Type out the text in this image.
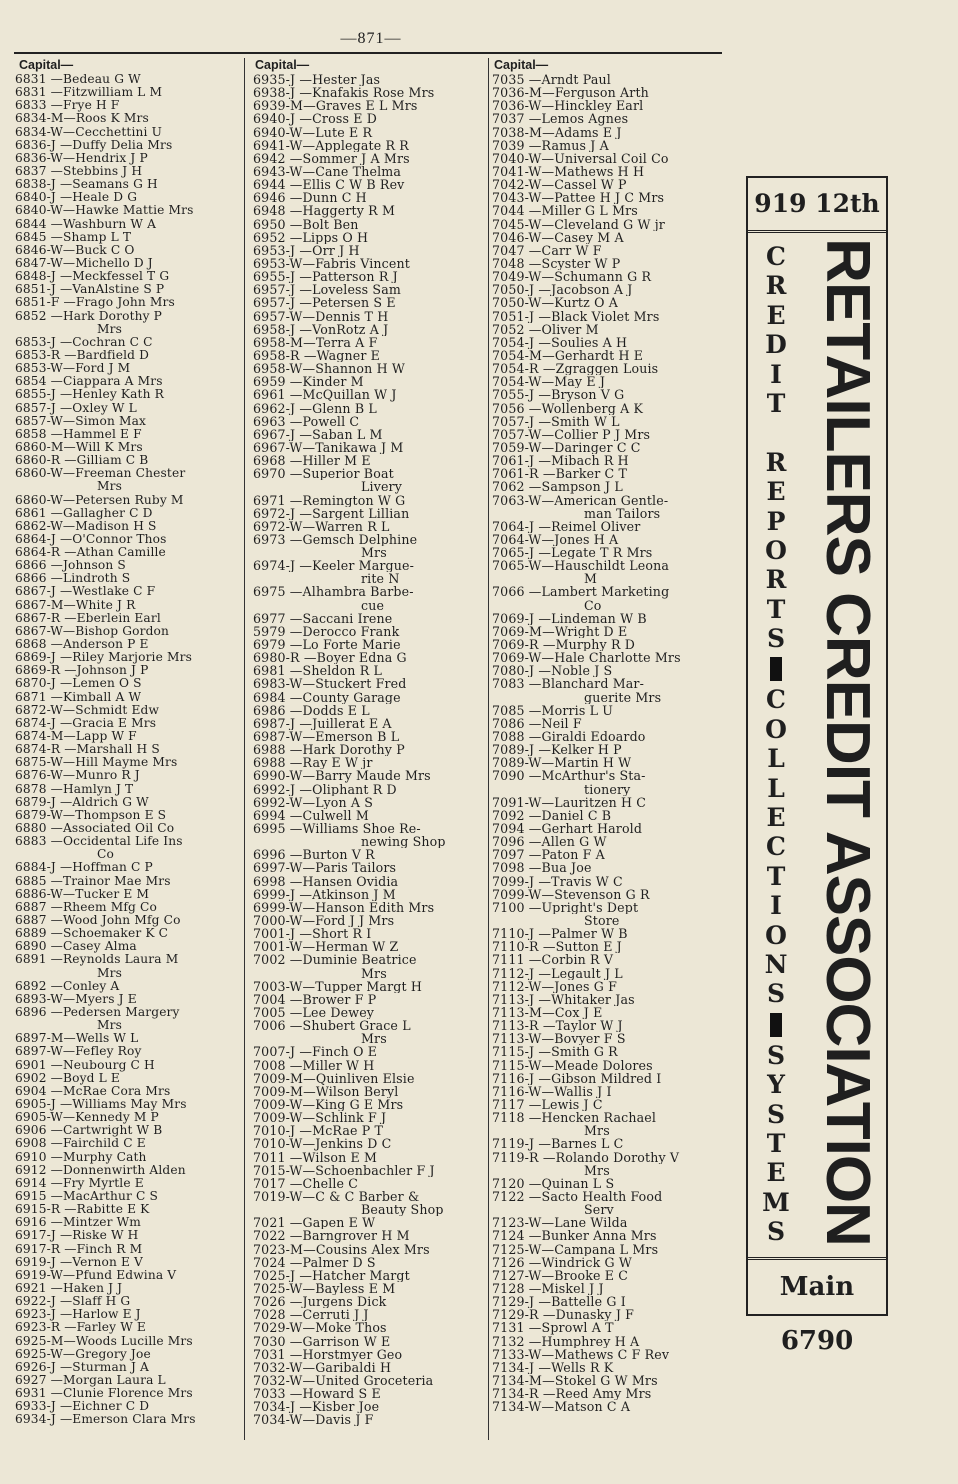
—871—
Capital—
6831 —Bedeau G W
6831 —Fitzwilliam L M
6833 —Frye H F
6834-M—Roos K Mrs
6834-W—Cecchettini U
6836-J —Duffy Delia Mrs
6836-W—Hendrix J P
6837 —Stebbins J H
6838-J —Seamans G H
6840-J —Heale D G
6840-W—Hawke Mattie Mrs
6844 —Washburn W A
6845 —Shamp L T
6846-W—Buck C O
6847-W—Michello D J
6848-J —Meckfessel T G
6851-J —VanAlstine S P
6851-F —Frago John Mrs
6852 —Hark Dorothy P
Mrs
6853-J —Cochran C C
6853-R —Bardfield D
6853-W—Ford J M
6854 —Ciappara A Mrs
6855-J —Henley Kath R
6857-J —Oxley W L
6857-W—Simon Max
6858 —Hammel E F
6860-M—Will K Mrs
6860-R —Gilliam C B
6860-W—Freeman Chester
Mrs
6860-W—Petersen Ruby M
6861 —Gallagher C D
6862-W—Madison H S
6864-J —O'Connor Thos
6864-R —Athan Camille
6866 —Johnson S
6866 —Lindroth S
6867-J —Westlake C F
6867-M—White J R
6867-R —Eberlein Earl
6867-W—Bishop Gordon
6868 —Anderson P E
6869-J —Riley Marjorie Mrs
6869-R —Johnson J P
6870-J —Lemen O S
6871 —Kimball A W
6872-W—Schmidt Edw
6874-J —Gracia E Mrs
6874-M—Lapp W F
6874-R —Marshall H S
6875-W—Hill Mayme Mrs
6876-W—Munro R J
6878 —Hamlyn J T
6879-J —Aldrich G W
6879-W—Thompson E S
6880 —Associated Oil Co
6883 —Occidental Life Ins
Co
6884-J —Hoffman C P
6885 —Trainor Mae Mrs
6886-W—Tucker E M
6887 —Rheem Mfg Co
6887 —Wood John Mfg Co
6889 —Schoemaker K C
6890 —Casey Alma
6891 —Reynolds Laura M
Mrs
6892 —Conley A
6893-W—Myers J E
6896 —Pedersen Margery
Mrs
6897-M—Wells W L
6897-W—Fefley Roy
6901 —Neubourg C H
6902 —Boyd L E
6904 —McRae Cora Mrs
6905-J —Williams May Mrs
6905-W—Kennedy M P
6906 —Cartwright W B
6908 —Fairchild C E
6910 —Murphy Cath
6912 —Donnenwirth Alden
6914 —Fry Myrtle E
6915 —MacArthur C S
6915-R —Rabitte E K
6916 —Mintzer Wm
6917-J —Riske W H
6917-R —Finch R M
6919-J —Vernon E V
6919-W—Pfund Edwina V
6921 —Haken J J
6922-J —Slaff H G
6923-J —Harlow E J
6923-R —Farley W E
6925-M—Woods Lucille Mrs
6925-W—Gregory Joe
6926-J —Sturman J A
6927 —Morgan Laura L
6931 —Clunie Florence Mrs
6933-J —Eichner C D
6934-J —Emerson Clara Mrs
Capital—
6935-J —Hester Jas
6938-J —Knafakis Rose Mrs
6939-M—Graves E L Mrs
6940-J —Cross E D
6940-W—Lute E R
6941-W—Applegate R R
6942 —Sommer J A Mrs
6943-W—Cane Thelma
6944 —Ellis C W B Rev
6946 —Dunn C H
6948 —Haggerty R M
6950 —Bolt Ben
6952 —Lipps O H
6953-J —Orr J H
6953-W—Fabris Vincent
6955-J —Patterson R J
6957-J —Loveless Sam
6957-J —Petersen S E
6957-W—Dennis T H
6958-J —VonRotz A J
6958-M—Terra A F
6958-R —Wagner E
6958-W—Shannon H W
6959 —Kinder M
6961 —McQuillan W J
6962-J —Glenn B L
6963 —Powell C
6967-J —Saban L M
6967-W—Tanikawa J M
6968 —Hiller M E
6970 —Superior Boat
Livery
6971 —Remington W G
6972-J —Sargent Lillian
6972-W—Warren R L
6973 —Gemsch Delphine
Mrs
6974-J —Keeler Margue-
rite N
6975 —Alhambra Barbe-
cue
6977 —Saccani Irene
5979 —Derocco Frank
6979 —Lo Forte Marie
6980-R —Boyer Edna G
6981 —Sheldon R L
6983-W—Stuckert Fred
6984 —County Garage
6986 —Dodds E L
6987-J —Juillerat E A
6987-W—Emerson B L
6988 —Hark Dorothy P
6988 —Ray E W jr
6990-W—Barry Maude Mrs
6992-J —Oliphant R D
6992-W—Lyon A S
6994 —Culwell M
6995 —Williams Shoe Re-
newing Shop
6996 —Burton V R
6997-W—Paris Tailors
6998 —Hansen Ovidia
6999-J —Atkinson J M
6999-W—Hanson Edith Mrs
7000-W—Ford J J Mrs
7001-J —Short R I
7001-W—Herman W Z
7002 —Duminie Beatrice
Mrs
7003-W—Tupper Margt H
7004 —Brower F P
7005 —Lee Dewey
7006 —Shubert Grace L
Mrs
7007-J —Finch O E
7008 —Miller W H
7009-M—Quinliven Elsie
7009-M—Wilson Beryl
7009-W—King G E Mrs
7009-W—Schlink F J
7010-J —McRae P T
7010-W—Jenkins D C
7011 —Wilson E M
7015-W—Schoenbachler F J
7017 —Chelle C
7019-W—C & C Barber &
Beauty Shop
7021 —Gapen E W
7022 —Barngrover H M
7023-M—Cousins Alex Mrs
7024 —Palmer D S
7025-J —Hatcher Margt
7025-W—Bayless E M
7026 —Jurgens Dick
7028 —Cerruti J J
7029-W—Moke Thos
7030 —Garrison W E
7031 —Horstmyer Geo
7032-W—Garibaldi H
7032-W—United Groceteria
7033 —Howard S E
7034-J —Kisber Joe
7034-W—Davis J F
Capital—
7035 —Arndt Paul
7036-M—Ferguson Arth
7036-W—Hinckley Earl
7037 —Lemos Agnes
7038-M—Adams E J
7039 —Ramus J A
7040-W—Universal Coil Co
7041-W—Mathews H H
7042-W—Cassel W P
7043-W—Pattee H J C Mrs
7044 —Miller G L Mrs
7045-W—Cleveland G W jr
7046-W—Casey M A
7047 —Carr W F
7048 —Scyster W P
7049-W—Schumann G R
7050-J —Jacobson A J
7050-W—Kurtz O A
7051-J —Black Violet Mrs
7052 —Oliver M
7054-J —Soulies A H
7054-M—Gerhardt H E
7054-R —Zgraggen Louis
7054-W—May E J
7055-J —Bryson V G
7056 —Wollenberg A K
7057-J —Smith W L
7057-W—Collier P J Mrs
7059-W—Daringer C C
7061-J —Mibach R H
7061-R —Barker C T
7062 —Sampson J L
7063-W—American Gentle-
man Tailors
7064-J —Reimel Oliver
7064-W—Jones H A
7065-J —Legate T R Mrs
7065-W—Hauschildt Leona
M
7066 —Lambert Marketing
Co
7069-J —Lindeman W B
7069-M—Wright D E
7069-R —Murphy R D
7069-W—Hale Charlotte Mrs
7080-J —Noble J S
7083 —Blanchard Mar-
guerite Mrs
7085 —Morris L U
7086 —Neil F
7088 —Giraldi Edoardo
7089-J —Kelker H P
7089-W—Martin H W
7090 —McArthur's Sta-
tionery
7091-W—Lauritzen H C
7092 —Daniel C B
7094 —Gerhart Harold
7096 —Allen G W
7097 —Paton F A
7098 —Bua Joe
7099-J —Travis W C
7099-W—Stevenson G R
7100 —Upright's Dept
Store
7110-J —Palmer W B
7110-R —Sutton E J
7111 —Corbin R V
7112-J —Legault J L
7112-W—Jones G F
7113-J —Whitaker Jas
7113-M—Cox J E
7113-R —Taylor W J
7113-W—Bovyer F S
7115-J —Smith G R
7115-W—Meade Dolores
7116-J —Gibson Mildred I
7116-W—Wallis J I
7117 —Lewis J C
7118 —Hencken Rachael
Mrs
7119-J —Barnes L C
7119-R —Rolando Dorothy V
Mrs
7120 —Quinan L S
7122 —Sacto Health Food
Serv
7123-W—Lane Wilda
7124 —Bunker Anna Mrs
7125-W—Campana L Mrs
7126 —Windrick G W
7127-W—Brooke E C
7128 —Miskel J J
7129-J —Battelle G I
7129-R —Dunasky J F
7131 —Sprowl A T
7132 —Humphrey H A
7133-W—Mathews C F Rev
7134-J —Wells R K
7134-M—Stokel G W Mrs
7134-R —Reed Amy Mrs
7134-W—Matson C A
919 12th
C
R
E
D
I
T
R
E
P
O
R
T
S
C
O
L
L
E
C
T
I
O
N
S
S
Y
S
T
E
M
S RETAILERS CREDIT ASSOCIATION
Main 6790
